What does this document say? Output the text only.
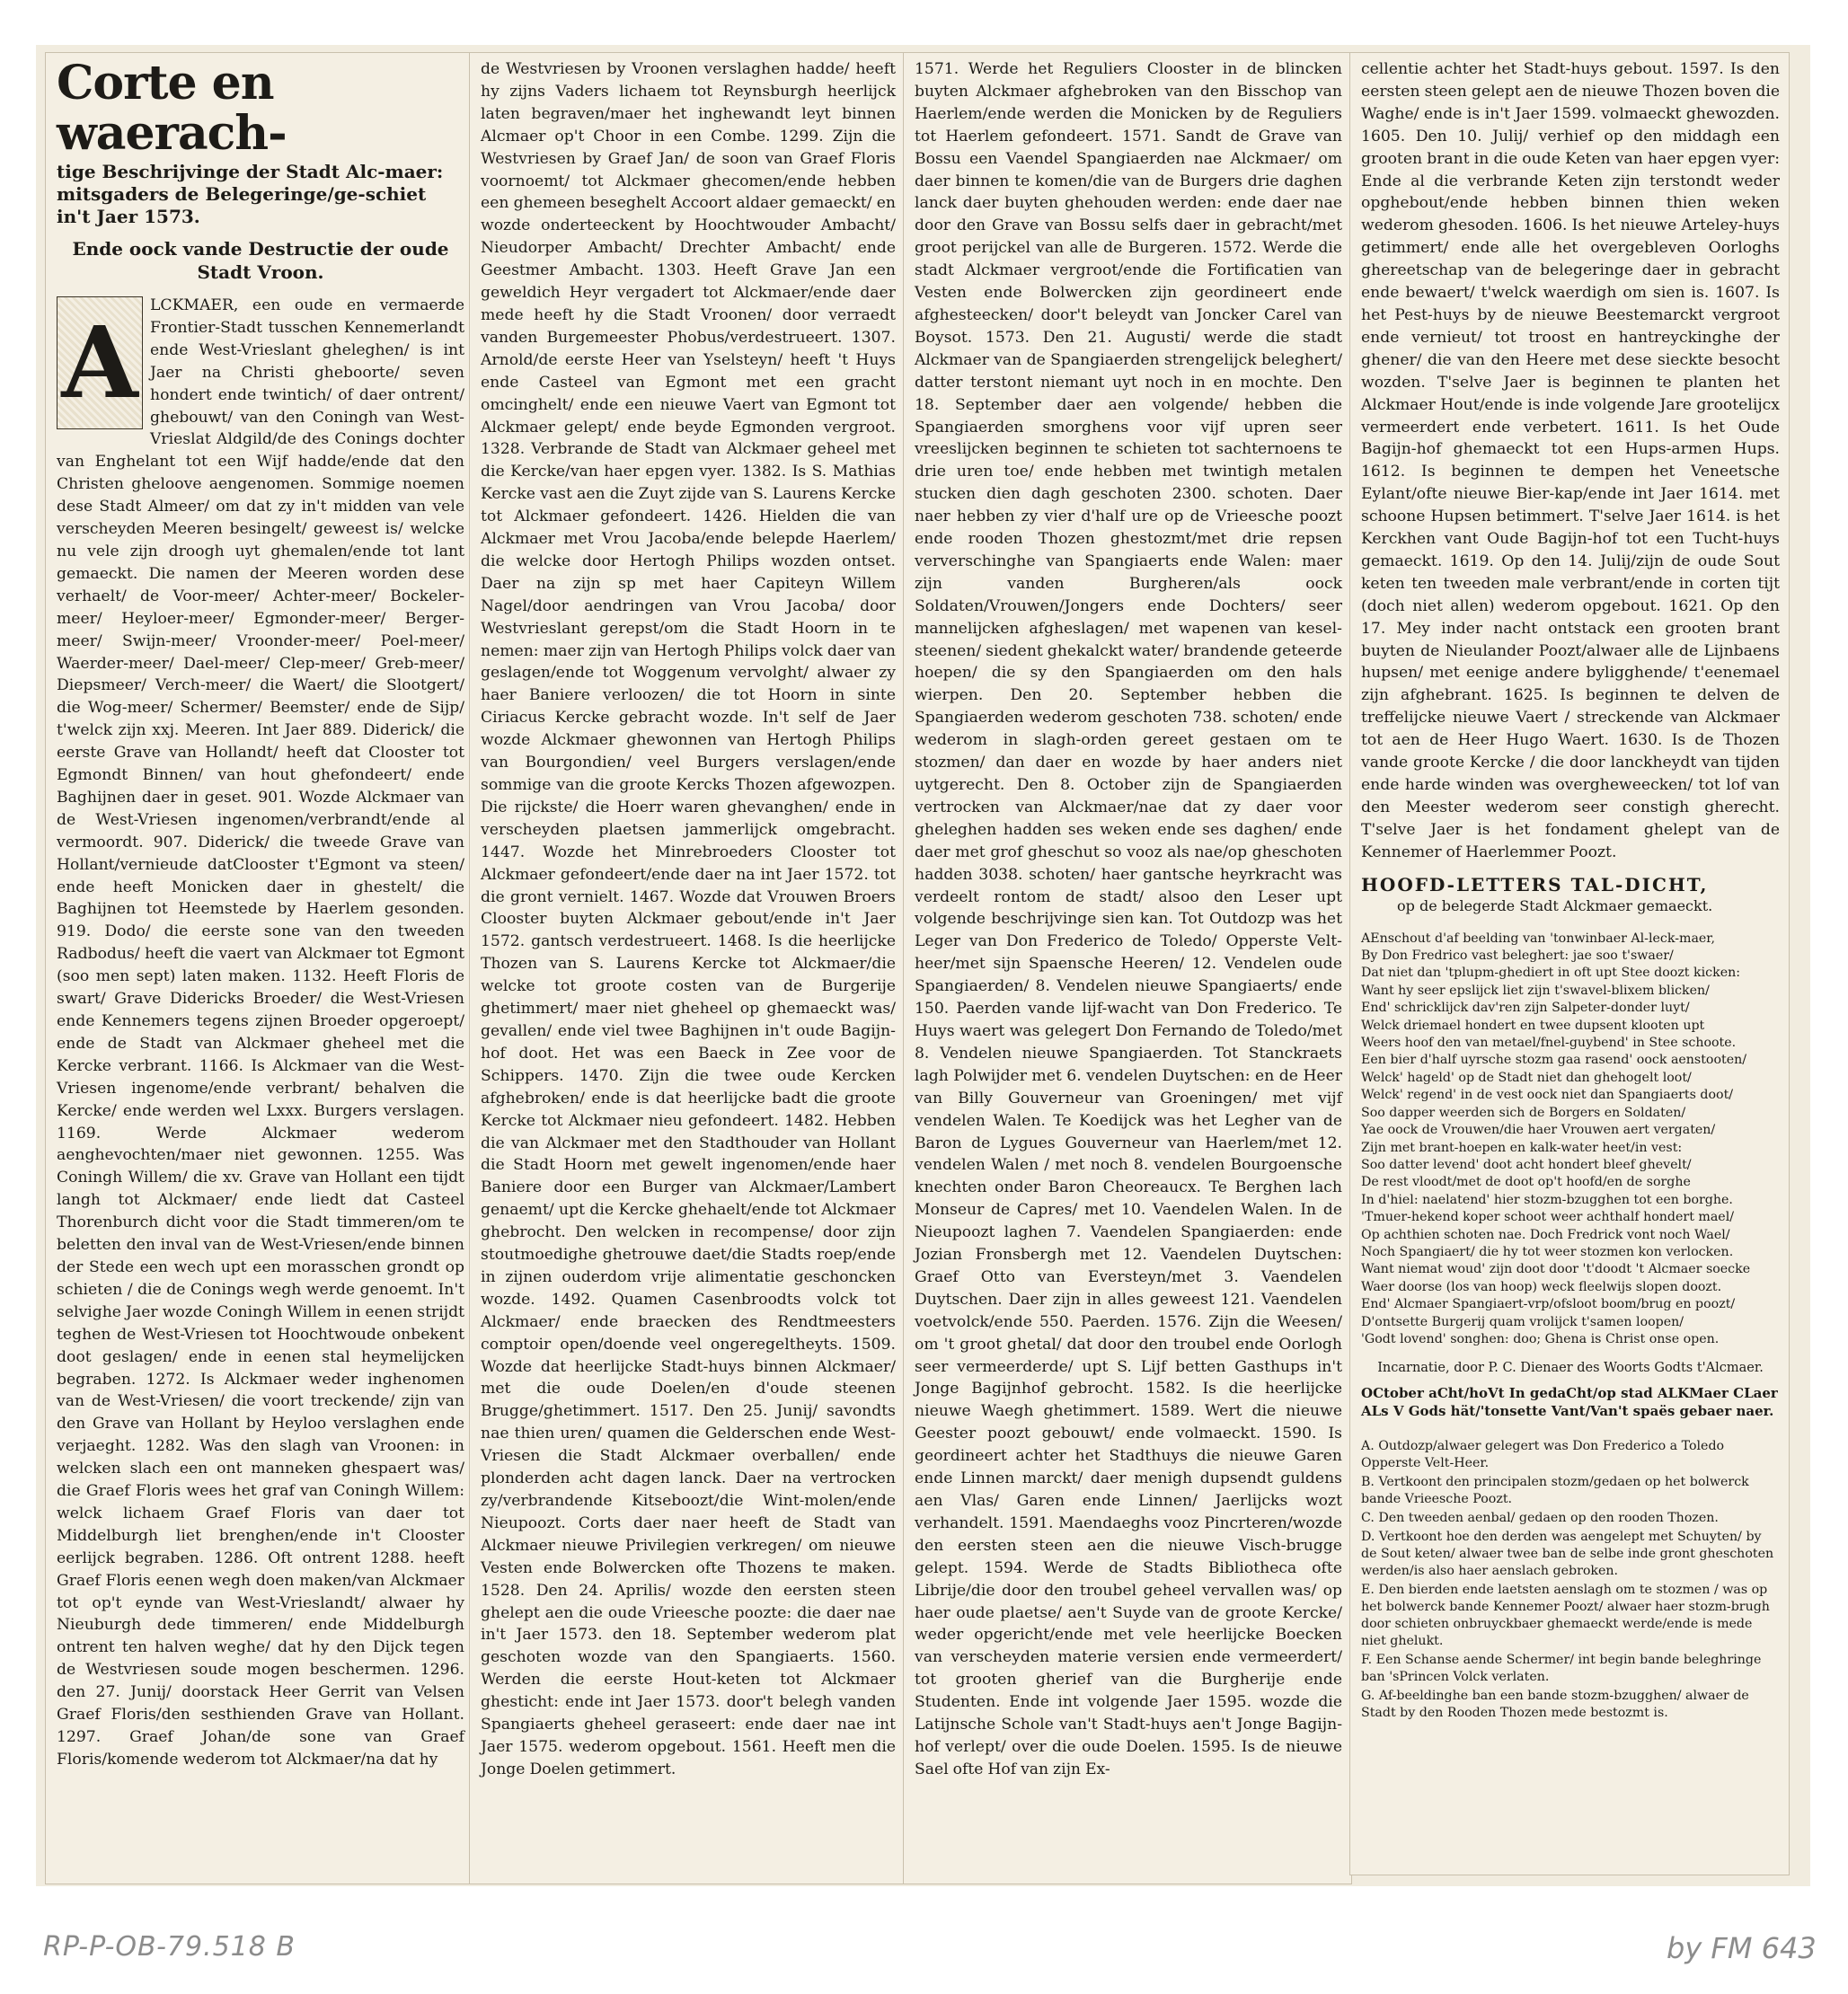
Corte en waerach-

tige Beschrijvinge der Stadt Alc-maer: mitsgaders de Belegeringe/ge-schiet in't Jaer 1573.

Ende oock vande Destructie der oude Stadt Vroon.

A LCKMAER, een oude en vermaerde Frontier-Stadt tusschen Kennemerlandt ende West-Vrieslant gheleghen/ is int Jaer na Christi gheboorte/ seven hondert ende twintich/ of daer ontrent/ ghebouwt/ van den Coningh van West-Vrieslat Aldgild/de des Conings dochter van Enghelant tot een Wijf hadde/ende dat den Christen gheloove aengenomen. Sommige noemen dese Stadt Almeer/ om dat zy in't midden van vele verscheyden Meeren besingelt/ geweest is/ welcke nu vele zijn droogh uyt ghemalen/ende tot lant gemaeckt. Die namen der Meeren worden dese verhaelt/ de Voor-meer/ Achter-meer/ Bockeler-meer/ Heyloer-meer/ Egmonder-meer/ Berger-meer/ Swijn-meer/ Vroonder-meer/ Poel-meer/ Waerder-meer/ Dael-meer/ Clep-meer/ Greb-meer/ Diepsmeer/ Verch-meer/ die Waert/ die Slootgert/ die Wog-meer/ Schermer/ Beemster/ ende de Sijp/ t'welck zijn xxj. Meeren. Int Jaer 889. Diderick/ die eerste Grave van Hollandt/ heeft dat Clooster tot Egmondt Binnen/ van hout ghefondeert/ ende Baghijnen daer in geset. 901. Wozde Alckmaer van de West-Vriesen ingenomen/verbrandt/ende al vermoordt. 907. Diderick/ die tweede Grave van Hollant/vernieude datClooster t'Egmont va steen/ ende heeft Monicken daer in ghestelt/ die Baghijnen tot Heemstede by Haerlem gesonden. 919. Dodo/ die eerste sone van den tweeden Radbodus/ heeft die vaert van Alckmaer tot Egmont (soo men sept) laten maken. 1132. Heeft Floris de swart/ Grave Didericks Broeder/ die West-Vriesen ende Kennemers tegens zijnen Broeder opgeroept/ ende de Stadt van Alckmaer gheheel met die Kercke verbrant. 1166. Is Alckmaer van die West-Vriesen ingenome/ende verbrant/ behalven die Kercke/ ende werden wel Lxxx. Burgers verslagen. 1169. Werde Alckmaer wederom aenghevochten/maer niet gewonnen. 1255. Was Coningh Willem/ die xv. Grave van Hollant een tijdt langh tot Alckmaer/ ende liedt dat Casteel Thorenburch dicht voor die Stadt timmeren/om te beletten den inval van de West-Vriesen/ende binnen der Stede een wech upt een morasschen grondt op schieten / die de Conings wegh werde genoemt. In't selvighe Jaer wozde Coningh Willem in eenen strijdt teghen de West-Vriesen tot Hoochtwoude onbekent doot geslagen/ ende in eenen stal heymelijcken begraben. 1272. Is Alckmaer weder inghenomen van de West-Vriesen/ die voort treckende/ zijn van den Grave van Hollant by Heyloo verslaghen ende verjaeght. 1282. Was den slagh van Vroonen: in welcken slach een ont manneken ghespaert was/ die Graef Floris wees het graf van Coningh Willem: welck lichaem Graef Floris van daer tot Middelburgh liet brenghen/ende in't Clooster eerlijck begraben. 1286. Oft ontrent 1288. heeft Graef Floris eenen wegh doen maken/van Alckmaer tot op't eynde van West-Vrieslandt/ alwaer hy Nieuburgh dede timmeren/ ende Middelburgh ontrent ten halven weghe/ dat hy den Dijck tegen de Westvriesen soude mogen beschermen. 1296. den 27. Junij/ doorstack Heer Gerrit van Velsen Graef Floris/den sesthienden Grave van Hollant. 1297. Graef Johan/de sone van Graef Floris/komende wederom tot Alckmaer/na dat hy

de Westvriesen by Vroonen verslaghen hadde/ heeft hy zijns Vaders lichaem tot Reynsburgh heerlijck laten begraven/maer het inghewandt leyt binnen Alcmaer op't Choor in een Combe. 1299. Zijn die Westvriesen by Graef Jan/ de soon van Graef Floris voornoemt/ tot Alckmaer ghecomen/ende hebben een ghemeen beseghelt Accoort aldaer gemaeckt/ en wozde onderteeckent by Hoochtwouder Ambacht/ Nieudorper Ambacht/ Drechter Ambacht/ ende Geestmer Ambacht. 1303. Heeft Grave Jan een geweldich Heyr vergadert tot Alckmaer/ende daer mede heeft hy die Stadt Vroonen/ door verraedt vanden Burgemeester Phobus/verdestrueert. 1307. Arnold/de eerste Heer van Yselsteyn/ heeft 't Huys ende Casteel van Egmont met een gracht omcinghelt/ ende een nieuwe Vaert van Egmont tot Alckmaer gelept/ ende beyde Egmonden vergroot. 1328. Verbrande de Stadt van Alckmaer geheel met die Kercke/van haer epgen vyer. 1382. Is S. Mathias Kercke vast aen die Zuyt zijde van S. Laurens Kercke tot Alckmaer gefondeert. 1426. Hielden die van Alckmaer met Vrou Jacoba/ende belepde Haerlem/ die welcke door Hertogh Philips wozden ontset. Daer na zijn sp met haer Capiteyn Willem Nagel/door aendringen van Vrou Jacoba/ door Westvrieslant gerepst/om die Stadt Hoorn in te nemen: maer zijn van Hertogh Philips volck daer van geslagen/ende tot Woggenum vervolght/ alwaer zy haer Baniere verloozen/ die tot Hoorn in sinte Ciriacus Kercke gebracht wozde. In't self de Jaer wozde Alckmaer ghewonnen van Hertogh Philips van Bourgondien/ veel Burgers verslagen/ende sommige van die groote Kercks Thozen afgewozpen. Die rijckste/ die Hoerr waren ghevanghen/ ende in verscheyden plaetsen jammerlijck omgebracht. 1447. Wozde het Minrebroeders Clooster tot Alckmaer gefondeert/ende daer na int Jaer 1572. tot die gront vernielt. 1467. Wozde dat Vrouwen Broers Clooster buyten Alckmaer gebout/ende in't Jaer 1572. gantsch verdestrueert. 1468. Is die heerlijcke Thozen van S. Laurens Kercke tot Alckmaer/die welcke tot groote costen van de Burgerije ghetimmert/ maer niet gheheel op ghemaeckt was/ gevallen/ ende viel twee Baghijnen in't oude Bagijn-hof doot. Het was een Baeck in Zee voor de Schippers. 1470. Zijn die twee oude Kercken afghebroken/ ende is dat heerlijcke badt die groote Kercke tot Alckmaer nieu gefondeert. 1482. Hebben die van Alckmaer met den Stadthouder van Hollant die Stadt Hoorn met gewelt ingenomen/ende haer Baniere door een Burger van Alckmaer/Lambert genaemt/ upt die Kercke ghehaelt/ende tot Alckmaer ghebrocht. Den welcken in recompense/ door zijn stoutmoedighe ghetrouwe daet/die Stadts roep/ende in zijnen ouderdom vrije alimentatie geschoncken wozde. 1492. Quamen Casenbroodts volck tot Alckmaer/ ende braecken des Rendtmeesters comptoir open/doende veel ongeregeltheyts. 1509. Wozde dat heerlijcke Stadt-huys binnen Alckmaer/ met die oude Doelen/en d'oude steenen Brugge/ghetimmert. 1517. Den 25. Junij/ savondts nae thien uren/ quamen die Gelderschen ende West-Vriesen die Stadt Alckmaer overballen/ ende plonderden acht dagen lanck. Daer na vertrocken zy/verbrandende Kitseboozt/die Wint-molen/ende Nieupoozt. Corts daer naer heeft de Stadt van Alckmaer nieuwe Privilegien verkregen/ om nieuwe Vesten ende Bolwercken ofte Thozens te maken. 1528. Den 24. Aprilis/ wozde den eersten steen ghelept aen die oude Vrieesche poozte: die daer nae in't Jaer 1573. den 18. September wederom plat geschoten wozde van den Spangiaerts. 1560. Werden die eerste Hout-keten tot Alckmaer ghesticht: ende int Jaer 1573. door't belegh vanden Spangiaerts gheheel geraseert: ende daer nae int Jaer 1575. wederom opgebout. 1561. Heeft men die Jonge Doelen getimmert.

1571. Werde het Reguliers Clooster in de blincken buyten Alckmaer afghebroken van den Bisschop van Haerlem/ende werden die Monicken by de Reguliers tot Haerlem gefondeert. 1571. Sandt de Grave van Bossu een Vaendel Spangiaerden nae Alckmaer/ om daer binnen te komen/die van de Burgers drie daghen lanck daer buyten ghehouden werden: ende daer nae door den Grave van Bossu selfs daer in gebracht/met groot perijckel van alle de Burgeren. 1572. Werde die stadt Alckmaer vergroot/ende die Fortificatien van Vesten ende Bolwercken zijn geordineert ende afghesteecken/ door't beleydt van Joncker Carel van Boysot. 1573. Den 21. Augusti/ werde die stadt Alckmaer van de Spangiaerden strengelijck beleghert/ datter terstont niemant uyt noch in en mochte. Den 18. September daer aen volgende/ hebben die Spangiaerden smorghens voor vijf upren seer vreeslijcken beginnen te schieten tot sachternoens te drie uren toe/ ende hebben met twintigh metalen stucken dien dagh geschoten 2300. schoten. Daer naer hebben zy vier d'half ure op de Vrieesche poozt ende rooden Thozen ghestozmt/met drie repsen ververschinghe van Spangiaerts ende Walen: maer zijn vanden Burgheren/als oock Soldaten/Vrouwen/Jongers ende Dochters/ seer mannelijcken afgheslagen/ met wapenen van kesel-steenen/ siedent ghekalckt water/ brandende geteerde hoepen/ die sy den Spangiaerden om den hals wierpen. Den 20. September hebben die Spangiaerden wederom geschoten 738. schoten/ ende wederom in slagh-orden gereet gestaen om te stozmen/ dan daer en wozde by haer anders niet uytgerecht. Den 8. October zijn de Spangiaerden vertrocken van Alckmaer/nae dat zy daer voor gheleghen hadden ses weken ende ses daghen/ ende daer met grof gheschut so vooz als nae/op gheschoten hadden 3038. schoten/ haer gantsche heyrkracht was verdeelt rontom de stadt/ alsoo den Leser upt volgende beschrijvinge sien kan. Tot Outdozp was het Leger van Don Frederico de Toledo/ Opperste Velt-heer/met sijn Spaensche Heeren/ 12. Vendelen oude Spangiaerden/ 8. Vendelen nieuwe Spangiaerts/ ende 150. Paerden vande lijf-wacht van Don Frederico. Te Huys waert was gelegert Don Fernando de Toledo/met 8. Vendelen nieuwe Spangiaerden. Tot Stanckraets lagh Polwijder met 6. vendelen Duytschen: en de Heer van Billy Gouverneur van Groeningen/ met vijf vendelen Walen. Te Koedijck was het Legher van de Baron de Lygues Gouverneur van Haerlem/met 12. vendelen Walen / met noch 8. vendelen Bourgoensche knechten onder Baron Cheoreaucx. Te Berghen lach Monseur de Capres/ met 10. Vaendelen Walen. In de Nieupoozt laghen 7. Vaendelen Spangiaerden: ende Jozian Fronsbergh met 12. Vaendelen Duytschen: Graef Otto van Eversteyn/met 3. Vaendelen Duytschen. Daer zijn in alles geweest 121. Vaendelen voetvolck/ende 550. Paerden. 1576. Zijn die Weesen/ om 't groot ghetal/ dat door den troubel ende Oorlogh seer vermeerderde/ upt S. Lijf betten Gasthups in't Jonge Bagijnhof gebrocht. 1582. Is die heerlijcke nieuwe Waegh ghetimmert. 1589. Wert die nieuwe Geester poozt gebouwt/ ende volmaeckt. 1590. Is geordineert achter het Stadthuys die nieuwe Garen ende Linnen marckt/ daer menigh dupsendt guldens aen Vlas/ Garen ende Linnen/ Jaerlijcks wozt verhandelt. 1591. Maendaeghs vooz Pincrteren/wozde den eersten steen aen die nieuwe Visch-brugge gelept. 1594. Werde de Stadts Bibliotheca ofte Librije/die door den troubel geheel vervallen was/ op haer oude plaetse/ aen't Suyde van de groote Kercke/ weder opgericht/ende met vele heerlijcke Boecken van verscheyden materie versien ende vermeerdert/ tot grooten gherief van die Burgherije ende Studenten. Ende int volgende Jaer 1595. wozde die Latijnsche Schole van't Stadt-huys aen't Jonge Bagijn-hof verlept/ over die oude Doelen. 1595. Is de nieuwe Sael ofte Hof van zijn Ex-

cellentie achter het Stadt-huys gebout. 1597. Is den eersten steen gelept aen de nieuwe Thozen boven die Waghe/ ende is in't Jaer 1599. volmaeckt ghewozden. 1605. Den 10. Julij/ verhief op den middagh een grooten brant in die oude Keten van haer epgen vyer: Ende al die verbrande Keten zijn terstondt weder opghebout/ende hebben binnen thien weken wederom ghesoden. 1606. Is het nieuwe Arteley-huys getimmert/ ende alle het overgebleven Oorloghs ghereetschap van de belegeringe daer in gebracht ende bewaert/ t'welck waerdigh om sien is. 1607. Is het Pest-huys by de nieuwe Beestemarckt vergroot ende vernieut/ tot troost en hantreyckinghe der ghener/ die van den Heere met dese sieckte besocht wozden. T'selve Jaer is beginnen te planten het Alckmaer Hout/ende is inde volgende Jare grootelijcx vermeerdert ende verbetert. 1611. Is het Oude Bagijn-hof ghemaeckt tot een Hups-armen Hups. 1612. Is beginnen te dempen het Veneetsche Eylant/ofte nieuwe Bier-kap/ende int Jaer 1614. met schoone Hupsen betimmert. T'selve Jaer 1614. is het Kerckhen vant Oude Bagijn-hof tot een Tucht-huys gemaeckt. 1619. Op den 14. Julij/zijn de oude Sout keten ten tweeden male verbrant/ende in corten tijt (doch niet allen) wederom opgebout. 1621. Op den 17. Mey inder nacht ontstack een grooten brant buyten de Nieulander Poozt/alwaer alle de Lijnbaens hupsen/ met eenige andere byligghende/ t'eenemael zijn afghebrant. 1625. Is beginnen te delven de treffelijcke nieuwe Vaert / streckende van Alckmaer tot aen de Heer Hugo Waert. 1630. Is de Thozen vande groote Kercke / die door lanckheydt van tijden ende harde winden was overgheweecken/ tot lof van den Meester wederom seer constigh gherecht. T'selve Jaer is het fondament ghelept van de Kennemer of Haerlemmer Poozt.

HOOFD-LETTERS TAL-DICHT,

op de belegerde Stadt Alckmaer gemaeckt.

AEnschout d'af beelding van 'tonwinbaer Al-leck-maer,
By Don Fredrico vast beleghert: jae soo t'swaer/
Dat niet dan 'tplupm-ghediert in oft upt Stee doozt kicken:
Want hy seer epslijck liet zijn t'swavel-blixem blicken/
End' schricklijck dav'ren zijn Salpeter-donder luyt/
Welck driemael hondert en twee dupsent klooten upt
Weers hoof den van metael/fnel-guybend' in Stee schoote.
Een bier d'half uyrsche stozm gaa rasend' oock aenstooten/
Welck' hageld' op de Stadt niet dan ghehogelt loot/
Welck' regend' in de vest oock niet dan Spangiaerts doot/
Soo dapper weerden sich de Borgers en Soldaten/
Yae oock de Vrouwen/die haer Vrouwen aert vergaten/
Zijn met brant-hoepen en kalk-water heet/in vest:
Soo datter levend' doot acht hondert bleef ghevelt/
De rest vloodt/met de doot op't hoofd/en de sorghe
In d'hiel: naelatend' hier stozm-bzugghen tot een borghe.
'Tmuer-hekend koper schoot weer achthalf hondert mael/
Op achthien schoten nae. Doch Fredrick vont noch Wael/
Noch Spangiaert/ die hy tot weer stozmen kon verlocken.
Want niemat woud' zijn doot door 't'doodt 't Alcmaer soecke
Waer doorse (los van hoop) weck fleelwijs slopen doozt.
End' Alcmaer Spangiaert-vrp/ofsloot boom/brug en poozt/
D'ontsette Burgerij quam vrolijck t'samen loopen/
'Godt lovend' songhen: doo; Ghena is Christ onse open.

Incarnatie, door P. C. Dienaer des Woorts Godts t'Alcmaer.

OCtober aCht/hoVt In gedaCht/op stad ALKMaer CLaer ALs V Gods hät/'tonsette Vant/Van't spaës gebaer naer.

A. Outdozp/alwaer gelegert was Don Frederico a Toledo Opperste Velt-Heer.

B. Vertkoont den principalen stozm/gedaen op het bolwerck bande Vrieesche Poozt.

C. Den tweeden aenbal/ gedaen op den rooden Thozen.

D. Vertkoont hoe den derden was aengelept met Schuyten/ by de Sout keten/ alwaer twee ban de selbe inde gront gheschoten werden/is also haer aenslach gebroken.

E. Den bierden ende laetsten aenslagh om te stozmen / was op het bolwerck bande Kennemer Poozt/ alwaer haer stozm-brugh door schieten onbruyckbaer ghemaeckt werde/ende is mede niet ghelukt.

F. Een Schanse aende Schermer/ int begin bande beleghringe ban 'sPrincen Volck verlaten.

G. Af-beeldinghe ban een bande stozm-bzugghen/ alwaer de Stadt by den Rooden Thozen mede bestozmt is.

RP-P-OB-79.518 B	by FM 643
